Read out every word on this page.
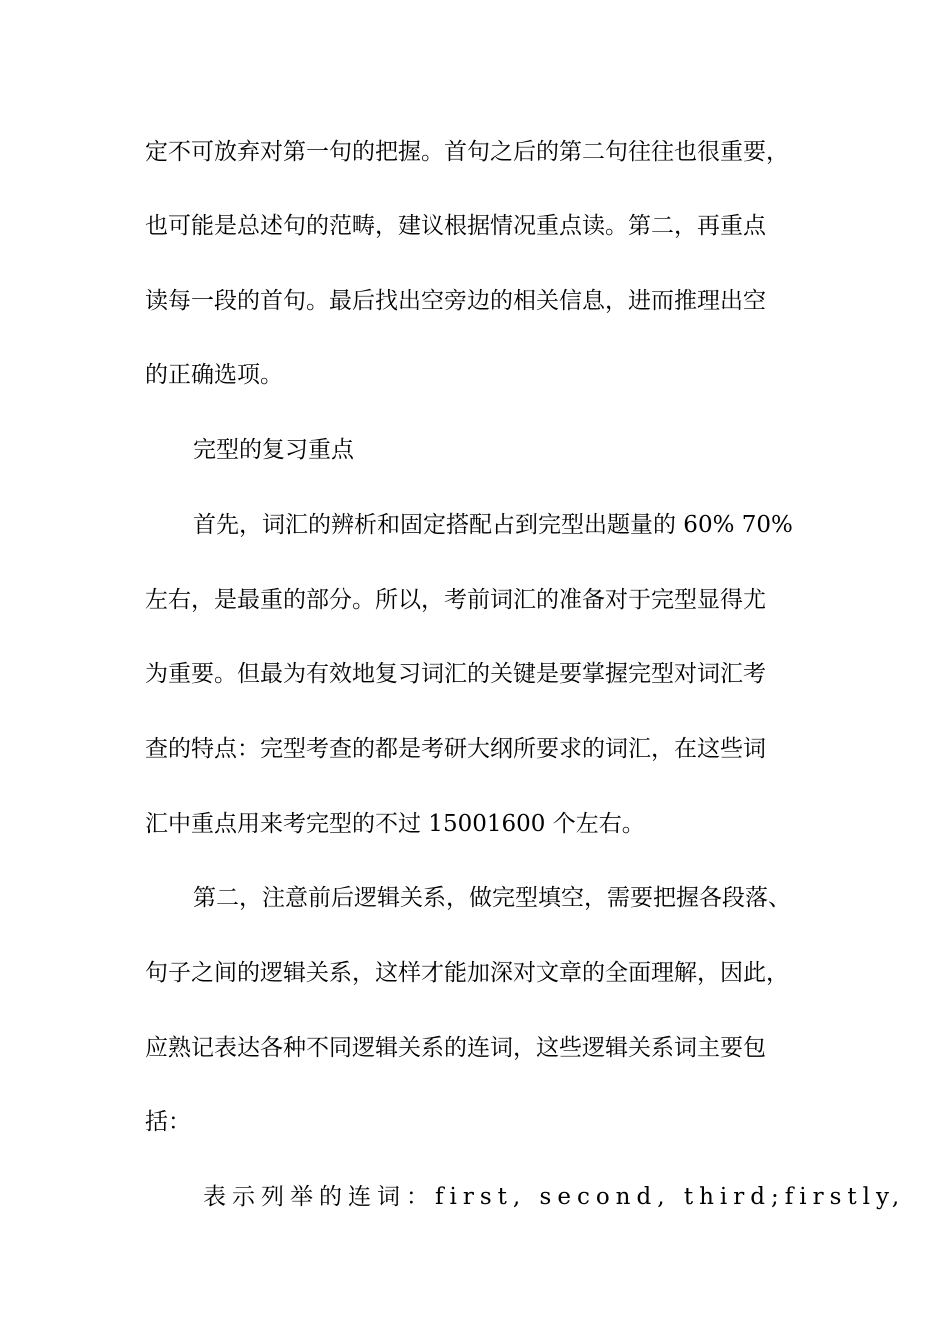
定不可放弃对第一句的把握。首句之后的第二句往往也很重要，
也可能是总述句的范畴，建议根据情况重点读。第二，再重点
读每一段的首句。最后找出空旁边的相关信息，进而推理出空
的正确选项。
完型的复习重点
首先，词汇的辨析和固定搭配占到完型出题量的 60% 70%
左右，是最重的部分。所以，考前词汇的准备对于完型显得尤
为重要。但最为有效地复习词汇的关键是要掌握完型对词汇考
查的特点：完型考查的都是考研大纲所要求的词汇，在这些词
汇中重点用来考完型的不过 15001600 个左右。
第二，注意前后逻辑关系，做完型填空，需要把握各段落、
句子之间的逻辑关系，这样才能加深对文章的全面理解，因此，
应熟记表达各种不同逻辑关系的连词，这些逻辑关系词主要包
括：
表示列举的连词：first, second, third;firstly,
